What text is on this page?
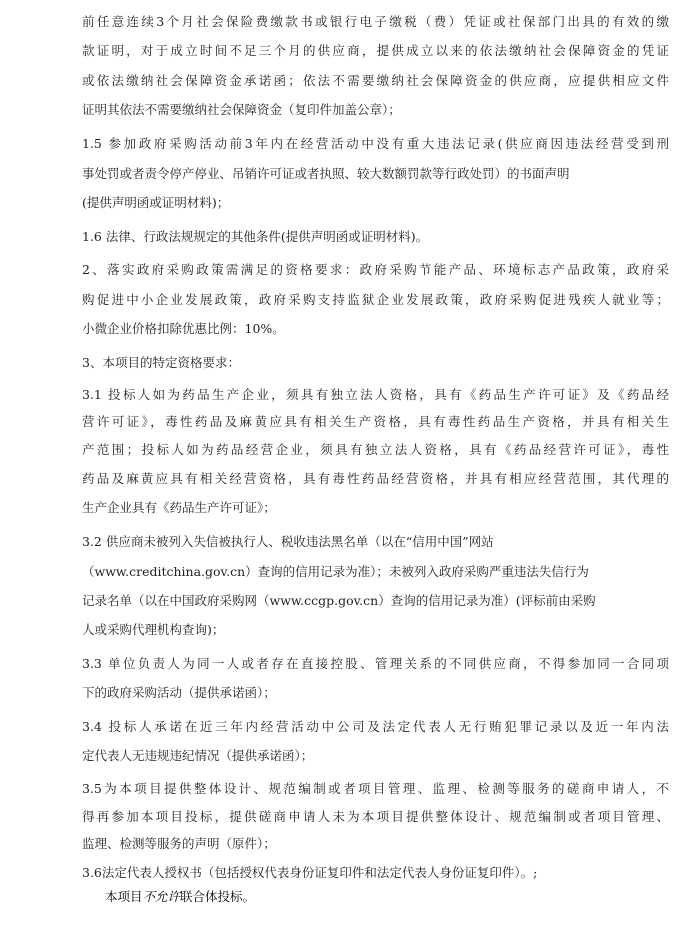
前任意连续3个月社会保险费缴款书或银行电子缴税（费）凭证或社保部门出具的有效的缴
款证明，对于成立时间不足三个月的供应商，提供成立以来的依法缴纳社会保障资金的凭证
或依法缴纳社会保障资金承诺函；依法不需要缴纳社会保障资金的供应商，应提供相应文件
证明其依法不需要缴纳社会保障资金（复印件加盖公章）；
1.5 参加政府采购活动前3年内在经营活动中没有重大违法记录(供应商因违法经营受到刑
事处罚或者责令停产停业、吊销许可证或者执照、较大数额罚款等行政处罚）的书面声明
(提供声明函或证明材料)；
1.6 法律、行政法规规定的其他条件(提供声明函或证明材料)。
2、落实政府采购政策需满足的资格要求：政府采购节能产品、环境标志产品政策，政府采
购促进中小企业发展政策，政府采购支持监狱企业发展政策，政府采购促进残疾人就业等；
小微企业价格扣除优惠比例：10%。
3、本项目的特定资格要求：
3.1 投标人如为药品生产企业，须具有独立法人资格，具有《药品生产许可证》及《药品经
营许可证》，毒性药品及麻黄应具有相关生产资格，具有毒性药品生产资格，并具有相关生
产范围；投标人如为药品经营企业，须具有独立法人资格，具有《药品经营许可证》，毒性
药品及麻黄应具有相关经营资格，具有毒性药品经营资格，并具有相应经营范围，其代理的
生产企业具有《药品生产许可证》；
3.2 供应商未被列入失信被执行人、税收违法黑名单（以在“信用中国”网站
（www.creditchina.gov.cn）查询的信用记录为准）；未被列入政府采购严重违法失信行为
记录名单（以在中国政府采购网（www.ccgp.gov.cn）查询的信用记录为准）(评标前由采购
人或采购代理机构查询)；
3.3 单位负责人为同一人或者存在直接控股、管理关系的不同供应商，不得参加同一合同项
下的政府采购活动（提供承诺函）；
3.4 投标人承诺在近三年内经营活动中公司及法定代表人无行贿犯罪记录以及近一年内法
定代表人无违规违纪情况（提供承诺函）；
3.5为本项目提供整体设计、规范编制或者项目管理、监理、检测等服务的磋商申请人，不
得再参加本项目投标，提供磋商申请人未为本项目提供整体设计、规范编制或者项目管理、
监理、检测等服务的声明（原件）；
3.6法定代表人授权书（包括授权代表身份证复印件和法定代表人身份证复印件）。;
本项目不允许联合体投标。
